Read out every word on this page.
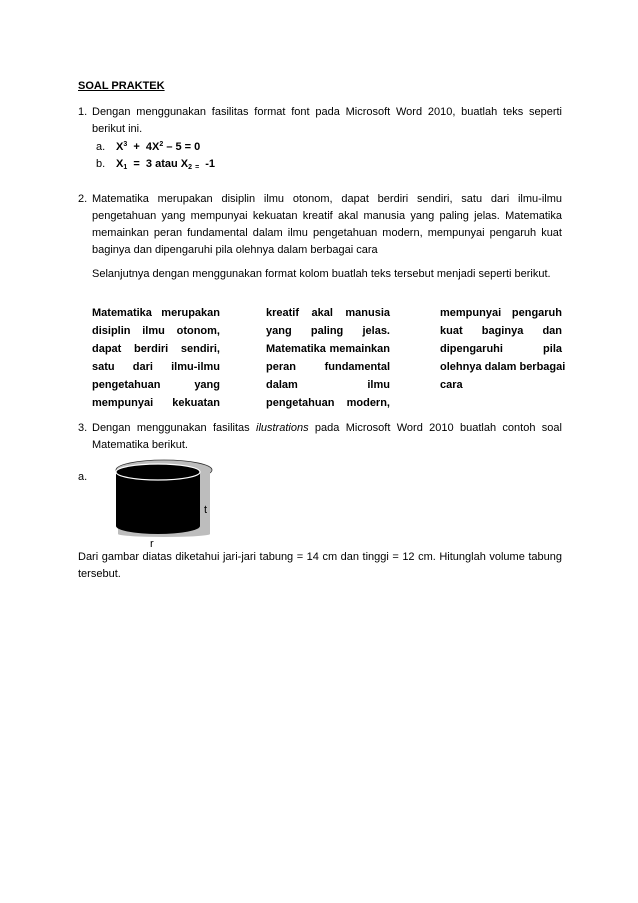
SOAL PRAKTEK
1. Dengan menggunakan fasilitas format font pada Microsoft Word 2010, buatlah teks seperti
berikut ini.
a. $X^3 + 4X^2 - 5 = 0$
b. $X_1 = 3$ atau $X_2$ $_=$  -1
2. Matematika merupakan disiplin ilmu otonom, dapat berdiri sendiri, satu dari ilmu-ilmu
pengetahuan yang mempunyai kekuatan kreatif akal manusia yang paling jelas. Matematika
memainkan peran fundamental dalam ilmu pengetahuan modern, mempunyai pengaruh kuat
baginya dan dipengaruhi pila olehnya dalam berbagai cara
Selanjutnya dengan menggunakan format kolom buatlah teks tersebut menjadi seperti berikut.
Matematika merupakan
disiplin ilmu otonom,
dapat berdiri sendiri,
satu dari ilmu-ilmu
pengetahuan yang
mempunyai kekuatan
kreatif akal manusia
yang paling jelas.
Matematika memainkan
peran fundamental
dalam ilmu
pengetahuan modern,
mempunyai pengaruh
kuat baginya dan
dipengaruhi pila
olehnya dalam berbagai
cara
3. Dengan menggunakan fasilitas ilustrations pada Microsoft Word 2010 buatlah contoh soal
Matematika berikut.
a.
t
r
Dari gambar diatas diketahui jari-jari tabung = 14 cm dan tinggi = 12 cm. Hitunglah volume tabung
tersebut.
